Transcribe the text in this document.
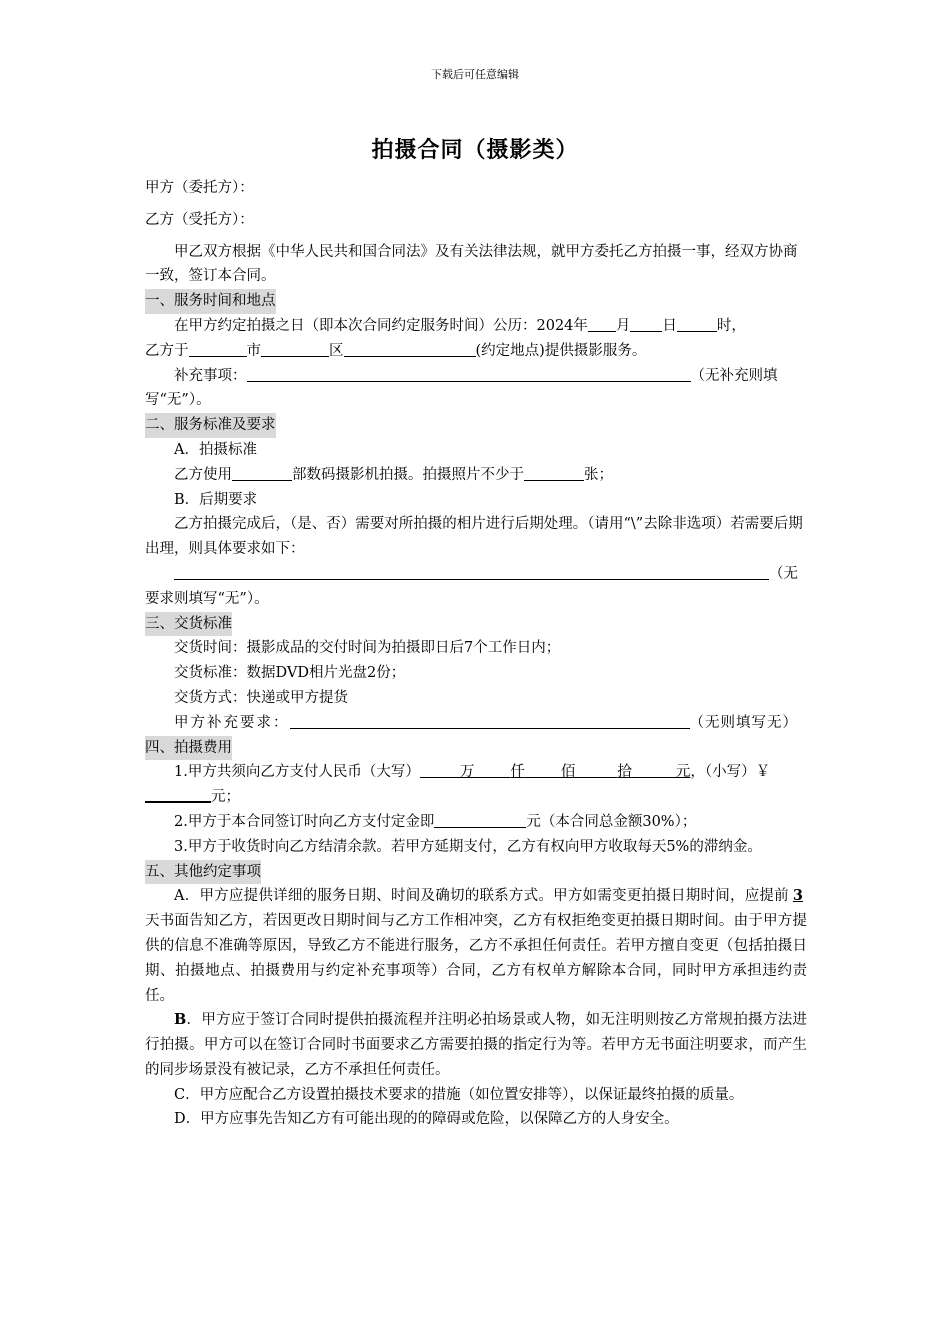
下载后可任意编辑
拍摄合同（摄影类）

甲方（委托方）：

乙方（受托方）：

甲乙双方根据《中华人民共和国合同法》及有关法律法规，就甲方委托乙方拍摄一事，经双方协商一致，签订本合同。

一、服务时间和地点

在甲方约定拍摄之日（即本次合同约定服务时间）公历：2024年 月 日	时，

乙方于	市	区	(约定地点)提供摄影服务。

补充事项：	（无补充则填写“无”）。

二、服务标准及要求

A．拍摄标准

乙方使用	部数码摄影机拍摄。拍摄照片不少于	张；

B．后期要求

乙方拍摄完成后，（是、否）需要对所拍摄的相片进行后期处理。（请用“\”去除非选项）若需要后期出理，则具体要求如下：

（无要求则填写“无”）。

三、交货标准

交货时间：摄影成品的交付时间为拍摄即日后7个工作日内；

交货标准：数据DVD相片光盘2份；

交货方式：快递或甲方提货

甲方补充要求：	（无则填写无）

四、拍摄费用

1.甲方共须向乙方支付人民币（大写）	万 仟 佰	拾	元，（小写）￥元；

2.甲方于本合同签订时向乙方支付定金即	元（本合同总金额30%）；

3.甲方于收货时向乙方结清余款。若甲方延期支付，乙方有权向甲方收取每天5%的滞纳金。

五、其他约定事项

A．甲方应提供详细的服务日期、时间及确切的联系方式。甲方如需变更拍摄日期时间，应提前 3天书面告知乙方，若因更改日期时间与乙方工作相冲突，乙方有权拒绝变更拍摄日期时间。由于甲方提供的信息不准确等原因，导致乙方不能进行服务，乙方不承担任何责任。若甲方擅自变更（包括拍摄日期、拍摄地点、拍摄费用与约定补充事项等）合同，乙方有权单方解除本合同，同时甲方承担违约责任。

B．甲方应于签订合同时提供拍摄流程并注明必拍场景或人物，如无注明则按乙方常规拍摄方法进行拍摄。甲方可以在签订合同时书面要求乙方需要拍摄的指定行为等。若甲方无书面注明要求，而产生的同步场景没有被记录，乙方不承担任何责任。

C．甲方应配合乙方设置拍摄技术要求的措施（如位置安排等），以保证最终拍摄的质量。

D．甲方应事先告知乙方有可能出现的的障碍或危险，以保障乙方的人身安全。
